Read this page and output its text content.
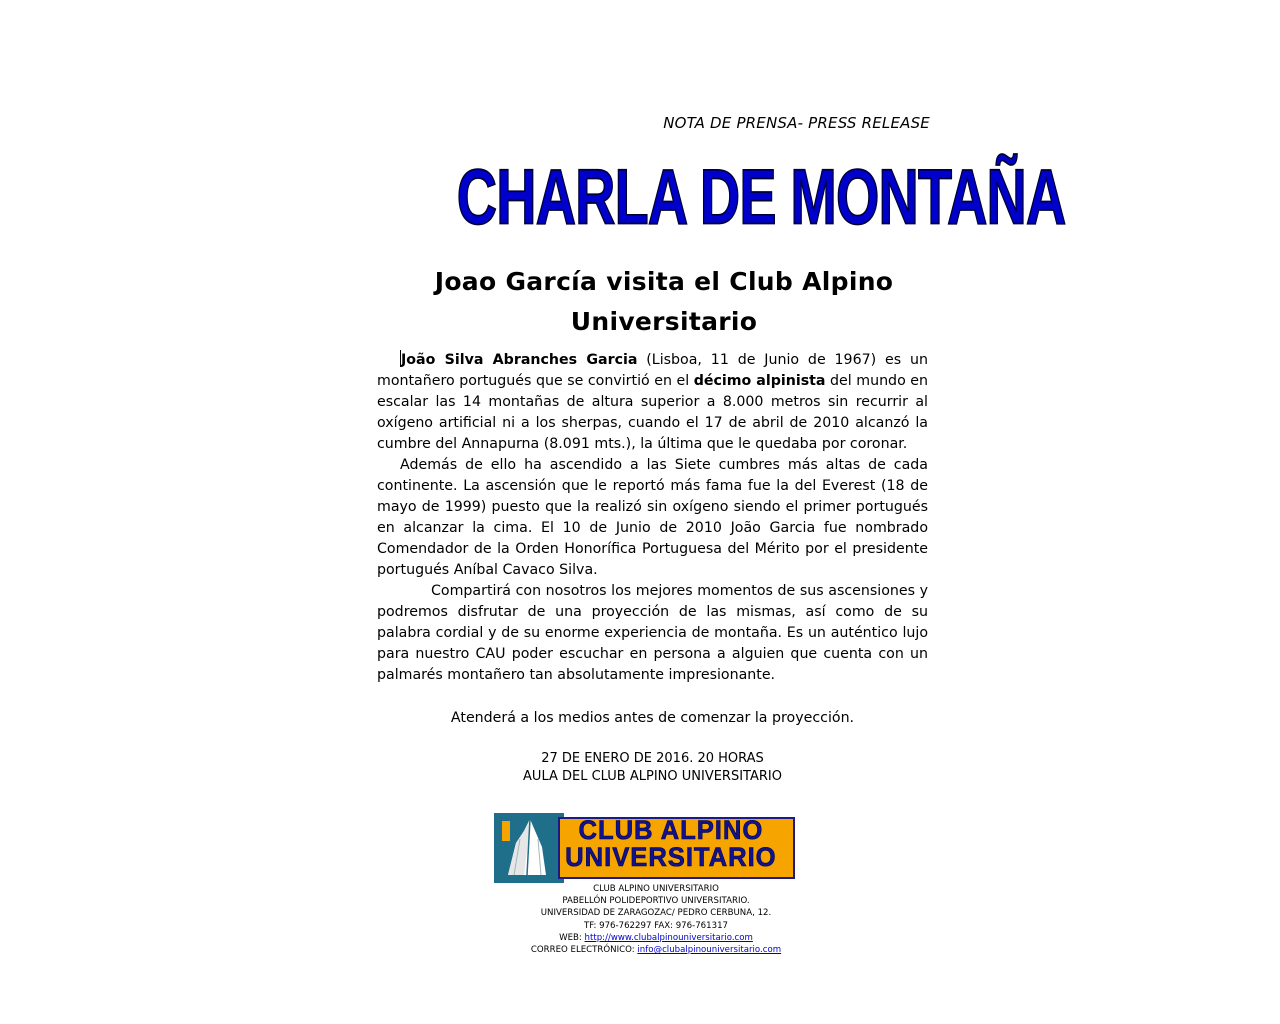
NOTA DE PRENSA- PRESS RELEASE
CHARLA DE MONTAÑA
Joao García visita el Club Alpino
Universitario

João Silva Abranches Garcia (Lisboa, 11 de Junio de 1967) es un montañero portugués que se convirtió en el décimo alpinista del mundo en escalar las 14 montañas de altura superior a 8.000 metros sin recurrir al oxígeno artificial ni a los sherpas, cuando el 17 de abril de 2010 alcanzó la cumbre del Annapurna (8.091 mts.), la última que le quedaba por coronar.

Además de ello ha ascendido a las Siete cumbres más altas de cada continente. La ascensión que le reportó más fama fue la del Everest (18 de mayo de 1999) puesto que la realizó sin oxígeno siendo el primer portugués en alcanzar la cima. El 10 de Junio de 2010 João Garcia fue nombrado Comendador de la Orden Honorífica Portuguesa del Mérito por el presidente portugués Aníbal Cavaco Silva.

Compartirá con nosotros los mejores momentos de sus ascensiones y podremos disfrutar de una proyección de las mismas, así como de su palabra cordial y de su enorme experiencia de montaña. Es un auténtico lujo para nuestro CAU poder escuchar en persona a alguien que cuenta con un palmarés montañero tan absolutamente impresionante.

Atenderá a los medios antes de comenzar la proyección.
27 DE ENERO DE 2016. 20 HORAS
AULA DEL CLUB ALPINO UNIVERSITARIO
CLUB ALPINO
UNIVERSITARIO
CLUB ALPINO UNIVERSITARIO
PABELLÓN POLIDEPORTIVO UNIVERSITARIO.
UNIVERSIDAD DE ZARAGOZAC/ PEDRO CERBUNA, 12.
TF: 976-762297 FAX: 976-761317
WEB: http://www.clubalpinouniversitario.com
CORREO ELECTRÓNICO: info@clubalpinouniversitario.com
